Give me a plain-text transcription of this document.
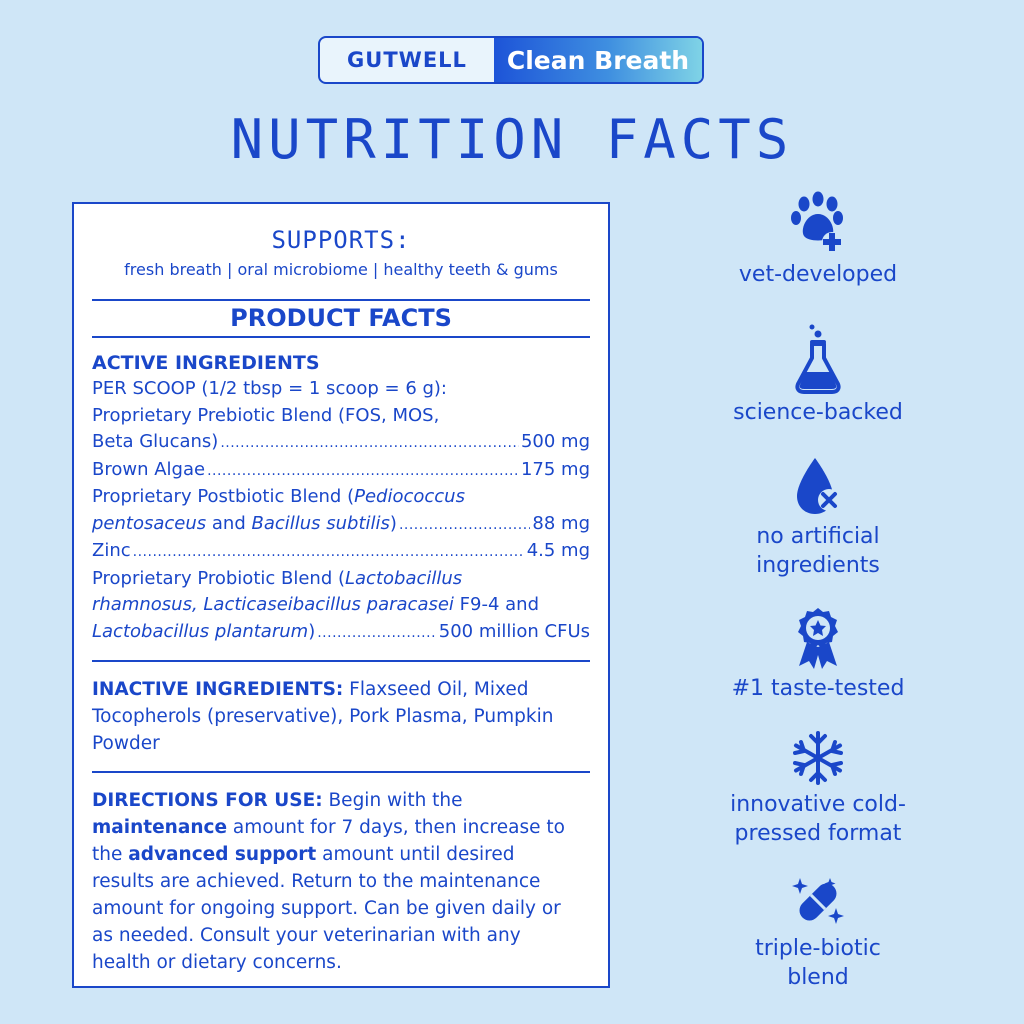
GUTWELL	Clean Breath
NUTRITION FACTS
SUPPORTS:
fresh breath | oral microbiome | healthy teeth & gums
PRODUCT FACTS
ACTIVE INGREDIENTS
PER SCOOP (1/2 tbsp = 1 scoop = 6 g):
Proprietary Prebiotic Blend (FOS, MOS,
Beta Glucans) .....	500 mg
Brown Algae .....	175 mg
Proprietary Postbiotic Blend (Pediococcus
pentosaceus and Bacillus subtilis) .....	88 mg
Zinc .....	4.5 mg
Proprietary Probiotic Blend (Lactobacillus
rhamnosus, Lacticaseibacillus paracasei F9-4 and
Lactobacillus plantarum) .....	500 million CFUs
INACTIVE INGREDIENTS: Flaxseed Oil, Mixed Tocopherols (preservative), Pork Plasma, Pumpkin Powder
DIRECTIONS FOR USE: Begin with the maintenance amount for 7 days, then increase to the advanced support amount until desired results are achieved. Return to the maintenance amount for ongoing support. Can be given daily or as needed. Consult your veterinarian with any health or dietary concerns.
vet-developed
science-backed
no artificial ingredients
#1 taste-tested
innovative cold-pressed format
triple-biotic blend
